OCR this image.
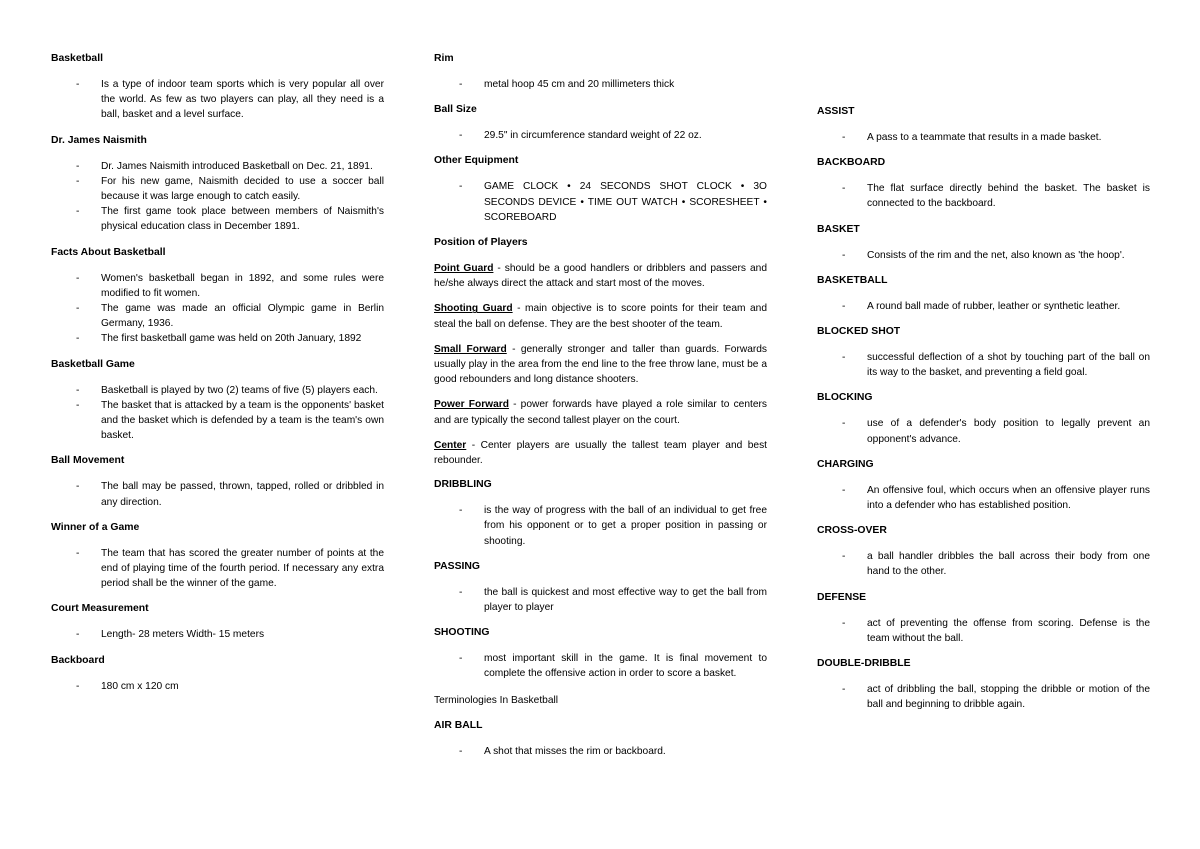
Basketball
- Is a type of indoor team sports which is very popular all over the world. As few as two players can play, all they need is a ball, basket and a level surface.
Dr. James Naismith
- Dr. James Naismith introduced Basketball on Dec. 21, 1891.
- For his new game, Naismith decided to use a soccer ball because it was large enough to catch easily.
- The first game took place between members of Naismith's physical education class in December 1891.
Facts About Basketball
- Women's basketball began in 1892, and some rules were modified to fit women.
- The game was made an official Olympic game in Berlin Germany, 1936.
- The first basketball game was held on 20th January, 1892
Basketball Game
- Basketball is played by two (2) teams of five (5) players each.
- The basket that is attacked by a team is the opponents' basket and the basket which is defended by a team is the team's own basket.
Ball Movement
- The ball may be passed, thrown, tapped, rolled or dribbled in any direction.
Winner of a Game
- The team that has scored the greater number of points at the end of playing time of the fourth period. If necessary any extra period shall be the winner of the game.
Court Measurement
- Length- 28 meters Width- 15 meters
Backboard
- 180 cm x 120 cm
Rim
- metal hoop 45 cm and 20 millimeters thick
Ball Size
- 29.5" in circumference standard weight of 22 oz.
Other Equipment
- GAME CLOCK • 24 SECONDS SHOT CLOCK • 3O SECONDS DEVICE • TIME OUT WATCH • SCORESHEET • SCOREBOARD
Position of Players

Point Guard - should be a good handlers or dribblers and passers and he/she always direct the attack and start most of the moves.

Shooting Guard - main objective is to score points for their team and steal the ball on defense. They are the best shooter of the team.

Small Forward - generally stronger and taller than guards. Forwards usually play in the area from the end line to the free throw lane, must be a good rebounders and long distance shooters.

Power Forward - power forwards have played a role similar to centers and are typically the second tallest player on the court.

Center - Center players are usually the tallest team player and best rebounder.

DRIBBLING
- is the way of progress with the ball of an individual to get free from his opponent or to get a proper position in passing or shooting.
PASSING
- the ball is quickest and most effective way to get the ball from player to player
SHOOTING
- most important skill in the game. It is final movement to complete the offensive action in order to score a basket.
Terminologies In Basketball
AIR BALL
- A shot that misses the rim or backboard.
ASSIST
- A pass to a teammate that results in a made basket.
BACKBOARD
- The flat surface directly behind the basket. The basket is connected to the backboard.
BASKET
- Consists of the rim and the net, also known as 'the hoop'.
BASKETBALL
- A round ball made of rubber, leather or synthetic leather.
BLOCKED SHOT
- successful deflection of a shot by touching part of the ball on its way to the basket, and preventing a field goal.
BLOCKING
- use of a defender's body position to legally prevent an opponent's advance.
CHARGING
- An offensive foul, which occurs when an offensive player runs into a defender who has established position.
CROSS-OVER
- a ball handler dribbles the ball across their body from one hand to the other.
DEFENSE
- act of preventing the offense from scoring. Defense is the team without the ball.
DOUBLE-DRIBBLE
- act of dribbling the ball, stopping the dribble or motion of the ball and beginning to dribble again.
